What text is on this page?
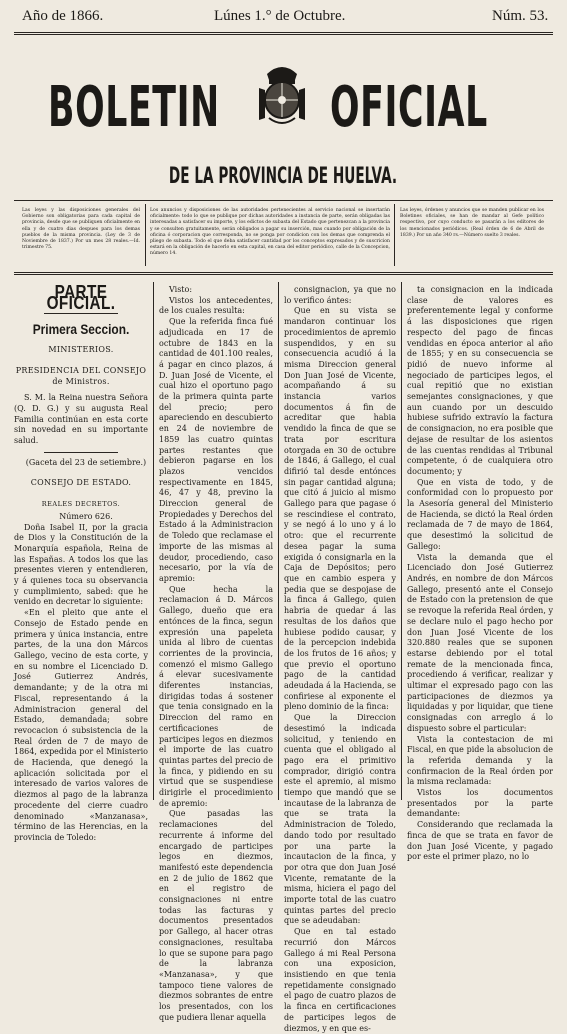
Año de 1866.	Lúnes 1.° de Octubre.	Núm. 53.
BOLETIN OFICIAL
DE LA PROVINCIA DE HUELVA.
Las leyes y las disposiciones generales del Gobierno son obligatorias para cada capital de provincia, desde que se publiquen oficialmente en ella y de cuatro dias despues para los demas pueblos de la misma provincia. (Ley de 3 de Noviembre de 1837.) Por un mes 28 reales.—Id. trimestre 75.
Los anuncios y disposiciones de las autoridades pertenecientes al servicio nacional se insertarán oficialmente: todo lo que se publique por dichas autoridades a instancia de parte, serán obligadas las interesadas a satisfacer su importe, y los edictos de subasta del Estado que pertenezcan a la provincia y se consulten gratuitamente, serán obligados a pagar su inserción, mas cuando por obligación de la oficina ó corporacion que corresponda, no se ponga por condicion con los demas que comprenda el pliego de subasta. Todo el que deba satisfacer cantidad por los conceptos expresados y de suscricion estará en la obligación de hacerlo en esta capital, en casa del editor periódico, calle de la Concepcion, número 14.
Las leyes, órdenes y anuncios que se manden publicar en los Boletines oficiales, se han de mandar al Gefe político respectivo, por cuyo conducto se pasarán a los editores de los mencionados periódicos. (Real órden de 6 de Abril de 1839.) Por un año 340 rs.—Número suelto 3 reales.
PARTE OFICIAL.
Primera Seccion.
MINISTERIOS.
PRESIDENCIA DEL CONSEJO de Ministros.

S. M. la Reina nuestra Señora (Q. D. G.) y su augusta Real Familia continúan en esta corte sin novedad en su importante salud.

(Gaceta del 23 de setiembre.)

CONSEJO DE ESTADO.
REALES DECRETOS.

Número 626.

Doña Isabel II, por la gracia de Dios y la Constitución de la Monarquía española, Reina de las Españas. A todos los que las presentes vieren y entendieren, y á quienes toca su observancia y cumplimiento, sabed: que he venido en decretar lo siguiente:

«En el pleito que ante el Consejo de Estado pende en primera y única instancia, entre partes, de la una don Márcos Gallego, vecino de esta corte, y en su nombre el Licenciado D. José Gutierrez Andrés, demandante; y de la otra mi Fiscal, representando á la Administracion general del Estado, demandada; sobre revocacion ó subsistencia de la Real órden de 7 de mayo de 1864, expedida por el Ministerio de Hacienda, que denegó la aplicación solicitada por el interesado de varios valores de diezmos al pago de la labranza procedente del cierre cuadro denominado «Manzanasa», término de las Herencias, en la provincia de Toledo:

Visto:

Vistos los antecedentes, de los cuales resulta:

Que la referida finca fué adjudicada en 17 de octubre de 1843 en la cantidad de 401.100 reales, á pagar en cinco plazos, á D. Juan José de Vicente, el cual hizo el oportuno pago de la primera quinta parte del precio; pero apareciendo en descubierto en 24 de noviembre de 1859 las cuatro quintas partes restantes que debieron pagarse en los plazos vencidos respectivamente en 1845, 46, 47 y 48, previno la Direccion general de Propiedades y Derechos del Estado á la Administracion de Toledo que reclamase el importe de las mismas al deudor, procediendo, caso necesario, por la vía de apremio:

Que hecha la reclamacion á D. Márcos Gallego, dueño que era entónces de la finca, segun expresión una papeleta unida al libro de cuentas corrientes de la provincia, comenzó el mismo Gallego á elevar sucesivamente diferentes instancias, dirigidas todas á sostener que tenia consignado en la Direccion del ramo en certificaciones de participes legos en diezmos el importe de las cuatro quintas partes del precio de la finca, y pidiendo en su virtud que se suspendiese dirigirle el procedimiento de apremio:

Que pasadas las reclamaciones del recurrente á informe del encargado de participes legos en diezmos, manifestó este dependencia en 2 de julio de 1862 que en el registro de consignaciones ni entre todas las facturas y documentos presentados por Gallego, al hacer otras consignaciones, resultaba lo que se supone para pago de la labranza «Manzanasa», y que tampoco tiene valores de diezmos sobrantes de entre los presentados, con los que pudiera llenar aquella

consignacion, ya que no lo verifico ántes:

Que en su vista se mandaron continuar los procedimientos de apremio suspendidos, y en su consecuencia acudió á la misma Direccion general Don Juan José de Vicente, acompañando á su instancia varios documentos á fin de acreditar que habia vendido la finca de que se trata por escritura otorgada en 30 de octubre de 1846, á Gallego, el cual difirió tal desde entónces sin pagar cantidad alguna; que citó á juicio al mismo Gallego para que pagase ó se rescindiese el contrato, y se negó á lo uno y á lo otro: que el recurrente desea pagar la suma exigida ó consignarla en la Caja de Depósitos; pero que en cambio espera y pedia que se despojase de la finca á Gallego, quien habria de quedar á las resultas de los daños que hubiese podido causar, y de la percepcion indebida de los frutos de 16 años; y que previo el oportuno pago de la cantidad adeudada á la Hacienda, se confiriese al exponente el pleno dominio de la finca:

Que la Direccion desestimó la indicada solicitud, y teniendo en cuenta que el obligado al pago era el primitivo comprador, dirigió contra este el apremio, al mismo tiempo que mandó que se incautase de la labranza de que se trata la Administracion de Toledo, dando todo por resultado por una parte la incautacion de la finca, y por otra que don Juan José Vicente, rematante de la misma, hiciera el pago del importe total de las cuatro quintas partes del precio que se adeudaban:

Que en tal estado recurrió don Márcos Gallego á mi Real Persona con una exposicion, insistiendo en que tenia repetidamente consignado el pago de cuatro plazos de la finca en certificaciones de participes legos de diezmos, y en que es-

ta consignacion en la indicada clase de valores es preferentemente legal y conforme á las disposiciones que rigen respecto del pago de fincas vendidas en época anterior al año de 1855; y en su consecuencia se pidió de nuevo informe al negociado de participes legos, el cual repitió que no existian semejantes consignaciones, y que aun cuando por un descuido hubiese sufrido extravío la factura de consignacion, no era posible que dejase de resultar de los asientos de las cuentas rendidas al Tribunal competente, ó de cualquiera otro documento; y

Que en vista de todo, y de conformidad con lo propuesto por la Asesoría general del Ministerio de Hacienda, se dictó la Real órden reclamada de 7 de mayo de 1864, que desestimó la solicitud de Gallego:

Vista la demanda que el Licenciado don José Gutierrez Andrés, en nombre de don Márcos Gallego, presentó ante el Consejo de Estado con la pretension de que se revoque la referida Real órden, y se declare nulo el pago hecho por don Juan José Vicente de los 320.880 reales que se suponen estarse debiendo por el total remate de la mencionada finca, procediendo á verificar, realizar y ultimar el expresado pago con las participaciones de diezmos ya liquidadas y por liquidar, que tiene consignadas con arreglo á lo dispuesto sobre el particular:

Vista la contestacion de mi Fiscal, en que pide la absolucion de la referida demanda y la confirmacion de la Real órden por la misma reclamada:

Vistos los documentos presentados por la parte demandante:

Considerando que reclamada la finca de que se trata en favor de don Juan José Vicente, y pagado por este el primer plazo, no lo
